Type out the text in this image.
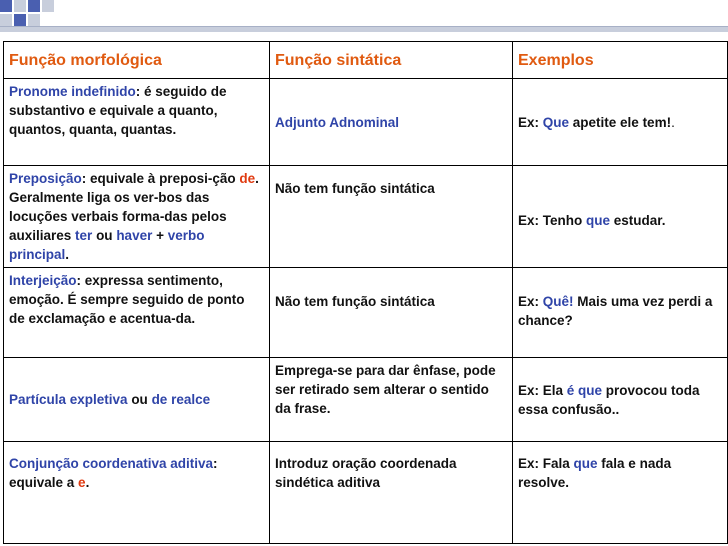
Função morfológica	Função sintática	Exemplos
Pronome indefinido: é seguido de substantivo e equivale a quanto, quantos, quanta, quantas.	Adjunto Adnominal	Ex: Que apetite ele tem!.
Preposição: equivale à preposi-ção de. Geralmente liga os ver-bos das locuções verbais forma-das pelos auxiliares ter ou haver + verbo principal.	Não tem função sintática	Ex: Tenho que estudar.
Interjeição: expressa sentimento, emoção. É sempre seguido de ponto de exclamação e acentua-da.	Não tem função sintática	Ex: Quê! Mais uma vez perdi a chance?
Partícula expletiva ou de realce	Emprega-se para dar ênfase, pode ser retirado sem alterar o sentido da frase.	Ex: Ela é que provocou toda essa confusão..
Conjunção coordenativa aditiva: equivale a e.	Introduz oração coordenada sindética aditiva	Ex: Fala que fala e nada resolve.
